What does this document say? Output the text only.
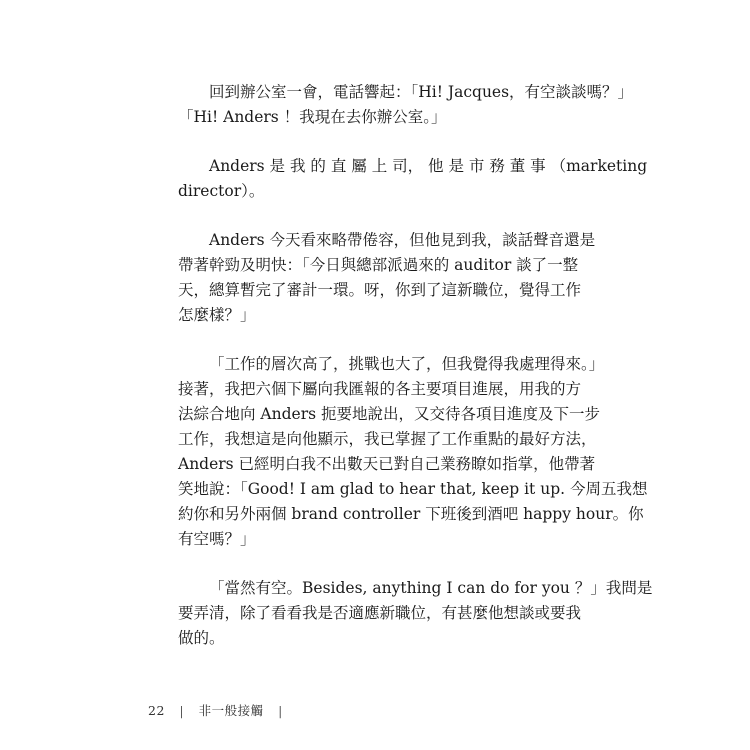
回到辦公室一會，電話響起：「Hi! Jacques，有空談談嗎？」
「Hi! Anders ！我現在去你辦公室。」

Anders 是 我 的 直 屬 上 司， 他 是 市 務 董 事 （marketing
director）。

Anders 今天看來略帶倦容，但他見到我，談話聲音還是
帶著幹勁及明快：「今日與總部派過來的 auditor 談了一整
天，總算暫完了審計一環。呀，你到了這新職位，覺得工作
怎麼樣？」

「工作的層次高了，挑戰也大了，但我覺得我處理得來。」
接著，我把六個下屬向我匯報的各主要項目進展，用我的方
法綜合地向 Anders 扼要地說出，又交待各項目進度及下一步
工作，我想這是向他顯示，我已掌握了工作重點的最好方法，
Anders 已經明白我不出數天已對自己業務瞭如指掌，他帶著
笑地說：「Good! I am glad to hear that, keep it up. 今周五我想
約你和另外兩個 brand controller 下班後到酒吧 happy hour。你
有空嗎？」

「當然有空。Besides, anything I can do for you ？」我問是
要弄清，除了看看我是否適應新職位，有甚麼他想談或要我
做的。

22 | 非一般接觸 |
